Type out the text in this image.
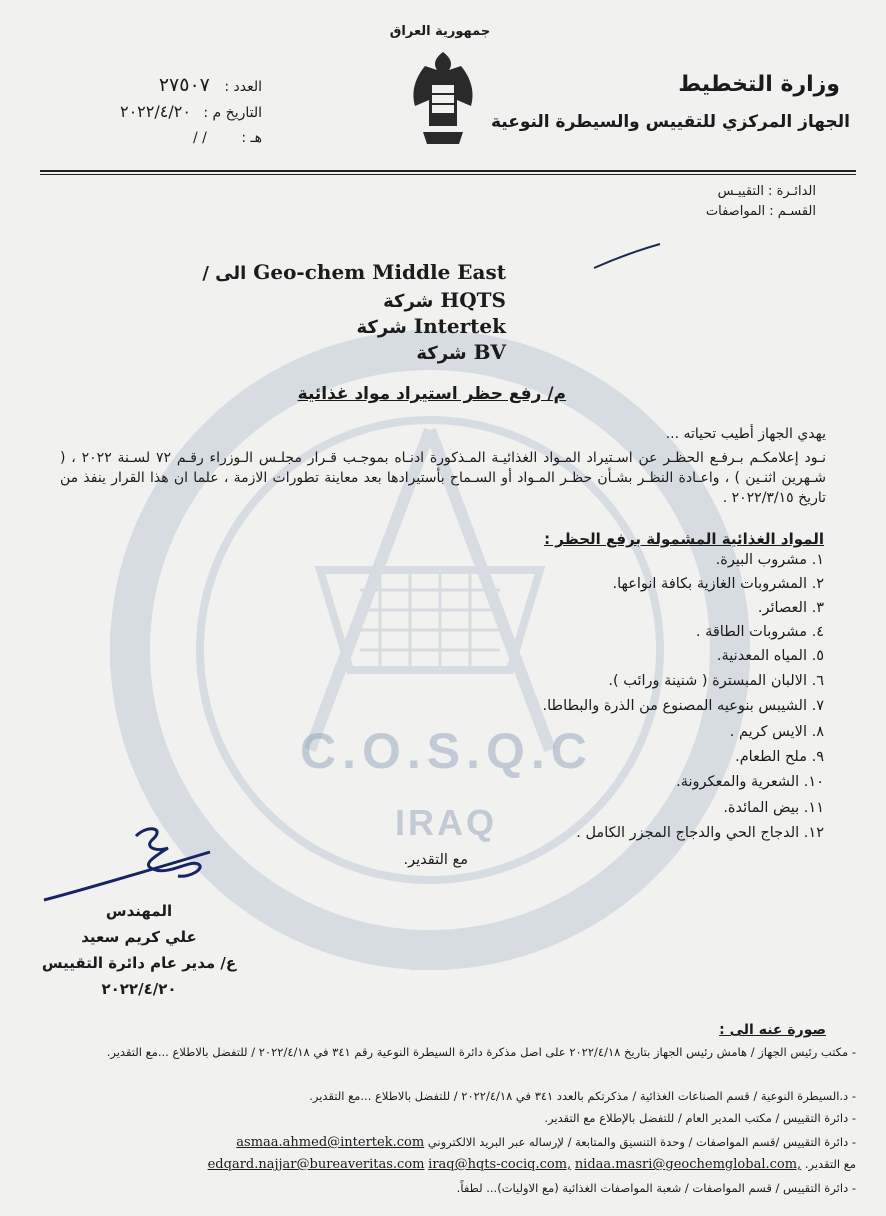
C.O.S.Q.C
IRAQ
جمهورية العراق
وزارة التخطيط
الجهاز المركزي للتقييس والسيطرة النوعية
العدد : ٢٧٥٠٧
التاريخ م : ٢٠٢٢/٤/٢٠
هـ : / /
الدائـرة : التقييـس
القسـم : المواصفات
الى / Geo-chem Middle East
شركة HQTS
شركة Intertek
شركة BV
م/ رفع حظر استيراد مواد غذائية
يهدي الجهاز أطيب تحياته ...
نـود إعلامكـم بـرفـع الحظـر عن اسـتيراد المـواد الغذائيـة المـذكورة ادنـاه بموجـب قـرار مجلـس الـوزراء رقـم ٧٢ لسـنة ٢٠٢٢ ، ( شـهرين اثنـين ) ، واعـادة النظـر بشـأن حظـر المـواد أو السـماح بأستيرادها بعد معاينة تطورات الازمة ، علما ان هذا القرار ينفذ من تاريخ ٢٠٢٢/٣/١٥ .
المواد الغذائية المشمولة برفع الحظر :
١. مشروب البيرة.
٢. المشروبات الغازية بكافة انواعها.
٣. العصائر.
٤. مشروبات الطاقة .
٥. المياه المعدنية.
٦. الالبان المبسترة ( شنينة ورائب ).
٧. الشيبس بنوعيه المصنوع من الذرة والبطاطا.
٨. الايس كريم .
٩. ملح الطعام.
١٠. الشعرية والمعكرونة.
١١. بيض المائدة.
١٢. الدجاج الحي والدجاج المجزر الكامل .
مع التقدير.
المهندس
علي كريم سعيد
ع/ مدير عام دائرة التقييس
٢٠٢٢/٤/٢٠
صورة عنه الى :
- مكتب رئيس الجهاز / هامش رئيس الجهاز بتاريخ ٢٠٢٢/٤/١٨ على اصل مذكرة دائرة السيطرة النوعية رقم ٣٤١ في ٢٠٢٢/٤/١٨ / للتفضل بالاطلاع ...مع التقدير.
- د.السيطرة النوعية / قسم الصناعات الغذائية / مذكرتكم بالعدد ٣٤١ في ٢٠٢٢/٤/١٨ / للتفضل بالاطلاع ...مع التقدير.
- دائرة التقييس / مكتب المدير العام / للتفضل بالإطلاع مع التقدير.
- دائرة التقييس /قسم المواصفات / وحدة التنسيق والمتابعة / لإرساله عبر البريد الالكتروني asmaa.ahmed@intertek.com
مع التقدير. edqard.najjar@bureaveritas.com iraq@hqts-cociq.com, nidaa.masri@geochemglobal.com,
- دائرة التقييس / قسم المواصفات / شعبة المواصفات الغذائية (مع الاوليات)... لطفاً.
